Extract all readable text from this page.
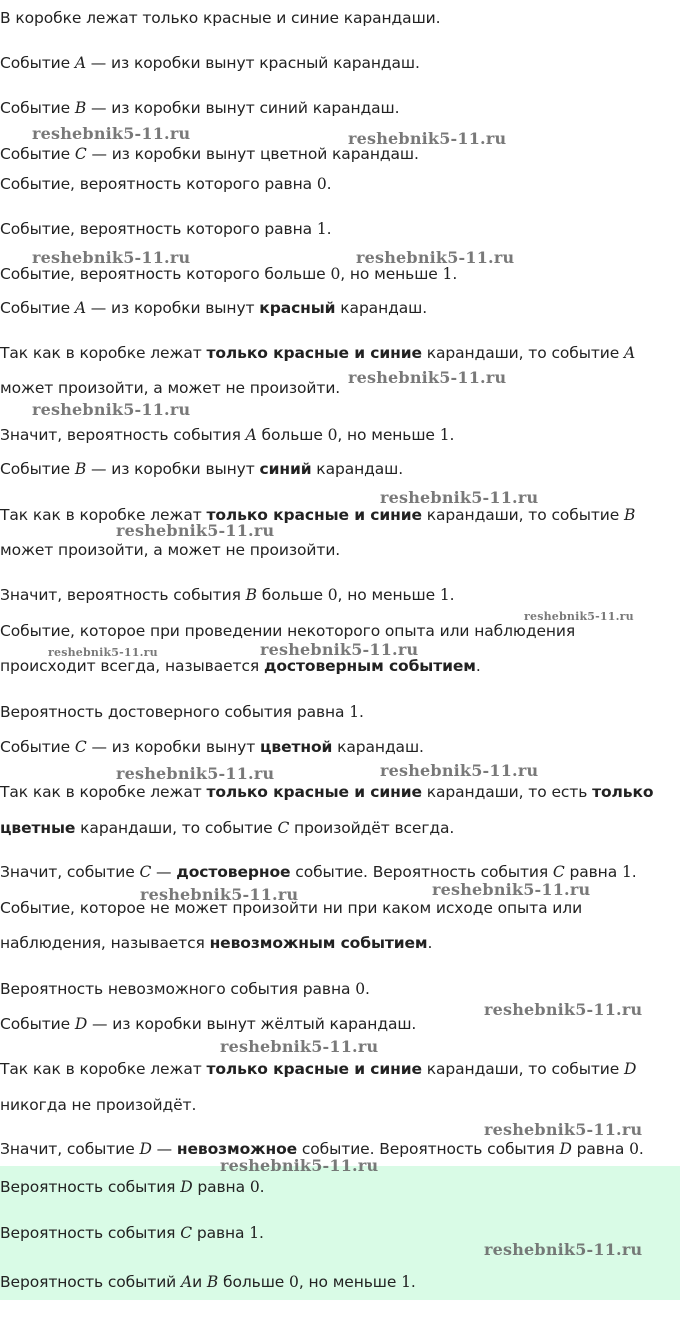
В коробке лежат только красные и синие карандаши.
Событие A — из коробки вынут красный карандаш.
Событие B — из коробки вынут синий карандаш.
Событие C — из коробки вынут цветной карандаш.
Событие, вероятность которого равна 0.
Событие, вероятность которого равна 1.
Событие, вероятность которого больше 0, но меньше 1.
Событие A — из коробки вынут красный карандаш.
Так как в коробке лежат только красные и синие карандаши, то событие A
может произойти, а может не произойти.
Значит, вероятность события A больше 0, но меньше 1.
Событие B — из коробки вынут синий карандаш.
Так как в коробке лежат только красные и синие карандаши, то событие B
может произойти, а может не произойти.
Значит, вероятность события B больше 0, но меньше 1.
Событие, которое при проведении некоторого опыта или наблюдения
происходит всегда, называется достоверным событием.
Вероятность достоверного события равна 1.
Событие C — из коробки вынут цветной карандаш.
Так как в коробке лежат только красные и синие карандаши, то есть только
цветные карандаши, то событие C произойдёт всегда.
Значит, событие C — достоверное событие. Вероятность события C равна 1.
Событие, которое не может произойти ни при каком исходе опыта или
наблюдения, называется невозможным событием.
Вероятность невозможного события равна 0.
Событие D — из коробки вынут жёлтый карандаш.
Так как в коробке лежат только красные и синие карандаши, то событие D
никогда не произойдёт.
Значит, событие D — невозможное событие. Вероятность события D равна 0.
Вероятность события D равна 0.
Вероятность события C равна 1.
Вероятность событий Aи B больше 0, но меньше 1.
reshebnik5-11.ru	reshebnik5-11.ru
reshebnik5-11.ru	reshebnik5-11.ru
reshebnik5-11.ru
reshebnik5-11.ru
reshebnik5-11.ru
reshebnik5-11.ru
reshebnik5-11.ru
reshebnik5-11.ru	reshebnik5-11.ru
reshebnik5-11.ru	reshebnik5-11.ru
reshebnik5-11.ru	reshebnik5-11.ru
reshebnik5-11.ru
reshebnik5-11.ru
reshebnik5-11.ru
reshebnik5-11.ru
reshebnik5-11.ru
